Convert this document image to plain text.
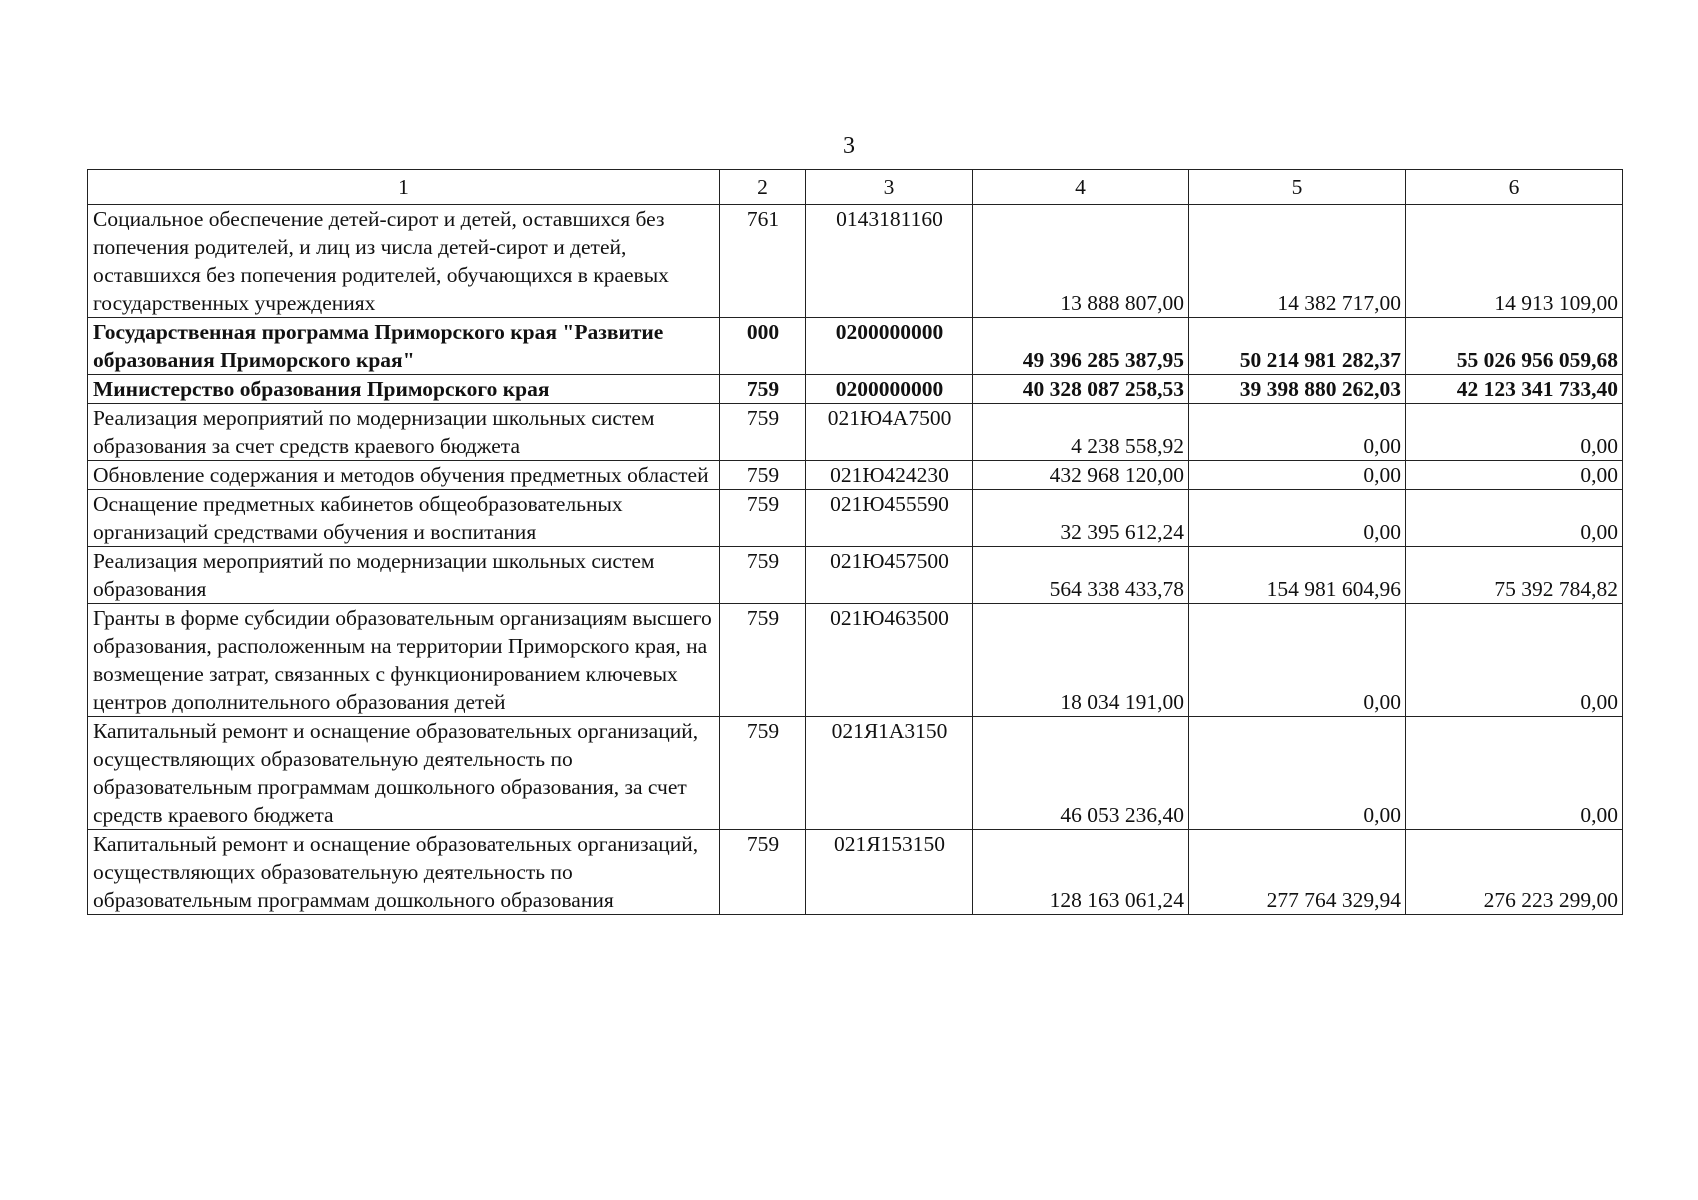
3
1	2	3	4	5	6
Социальное обеспечение детей-сирот и детей, оставшихся без попечения родителей, и лиц из числа детей-сирот и детей, оставшихся без попечения родителей, обучающихся в краевых государственных учреждениях	761	0143181160	13 888 807,00	14 382 717,00	14 913 109,00
Государственная программа Приморского края "Развитие образования Приморского края"	000	0200000000	49 396 285 387,95	50 214 981 282,37	55 026 956 059,68
Министерство образования Приморского края	759	0200000000	40 328 087 258,53	39 398 880 262,03	42 123 341 733,40
Реализация мероприятий по модернизации школьных систем образования за счет средств краевого бюджета	759	021Ю4А7500	4 238 558,92	0,00	0,00
Обновление содержания и методов обучения предметных областей	759	021Ю424230	432 968 120,00	0,00	0,00
Оснащение предметных кабинетов общеобразовательных организаций средствами обучения и воспитания	759	021Ю455590	32 395 612,24	0,00	0,00
Реализация мероприятий по модернизации школьных систем образования	759	021Ю457500	564 338 433,78	154 981 604,96	75 392 784,82
Гранты в форме субсидии образовательным организациям высшего образования, расположенным на территории Приморского края, на возмещение затрат, связанных с функционированием ключевых центров дополнительного образования детей	759	021Ю463500	18 034 191,00	0,00	0,00
Капитальный ремонт и оснащение образовательных организаций, осуществляющих образовательную деятельность по образовательным программам дошкольного образования, за счет средств краевого бюджета	759	021Я1А3150	46 053 236,40	0,00	0,00
Капитальный ремонт и оснащение образовательных организаций, осуществляющих образовательную деятельность по образовательным программам дошкольного образования	759	021Я153150	128 163 061,24	277 764 329,94	276 223 299,00
